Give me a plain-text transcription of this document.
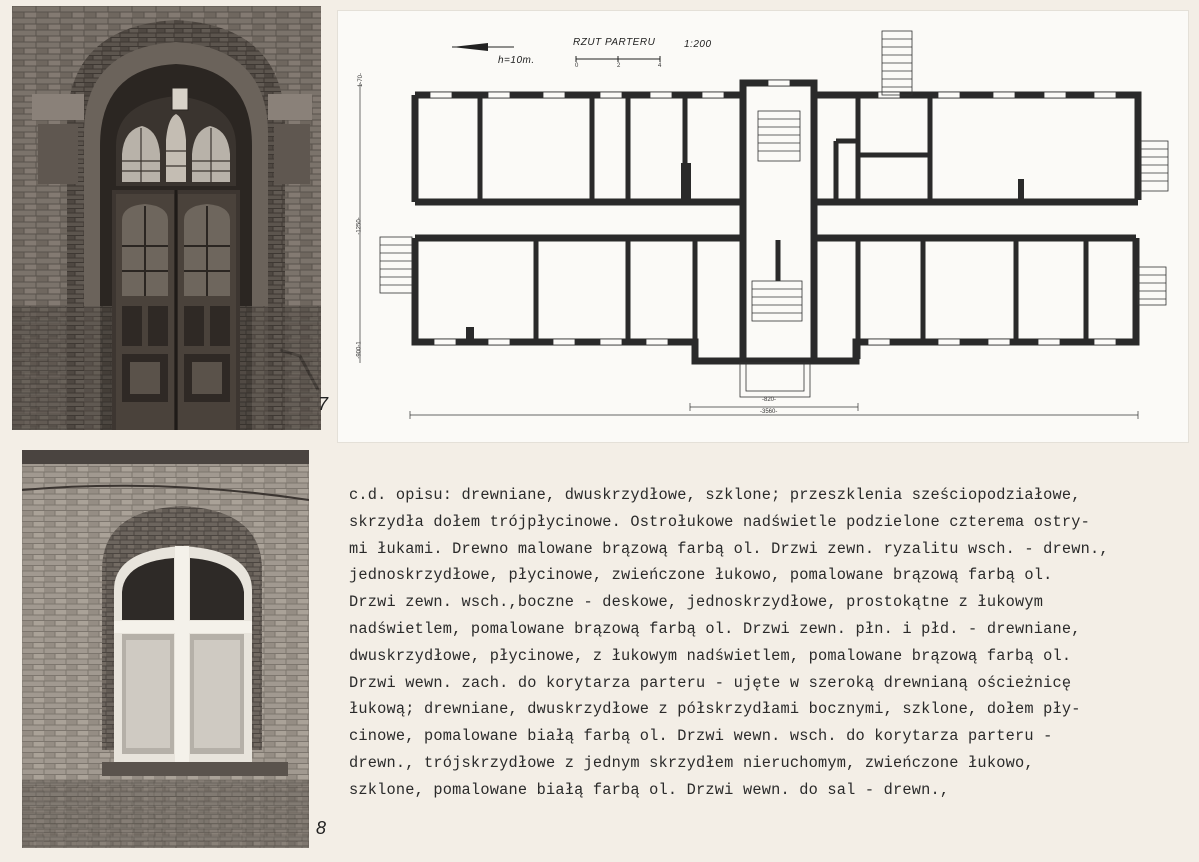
7
8
RZUT PARTERU	1:200
h=10m.	0	2	4
1-70-
-1250-
-900-1
-820-
-3560-
c.d. opisu: drewniane, dwuskrzydłowe, szklone; przeszklenia sześciopodziałowe,
skrzydła dołem trójpłycinowe. Ostrołukowe nadświetle podzielone czterema ostry-
mi łukami. Drewno malowane brązową farbą ol. Drzwi zewn. ryzalitu wsch. - drewn.,
jednoskrzydłowe, płycinowe, zwieńczone łukowo, pomalowane brązową farbą ol.
Drzwi zewn. wsch.,boczne - deskowe, jednoskrzydłowe, prostokątne z łukowym
nadświetlem, pomalowane brązową farbą ol. Drzwi zewn. płn. i płd. - drewniane,
dwuskrzydłowe, płycinowe, z łukowym nadświetlem, pomalowane brązową farbą ol.
Drzwi wewn. zach. do korytarza parteru - ujęte w szeroką drewnianą ościeżnicę
łukową; drewniane, dwuskrzydłowe z półskrzydłami bocznymi, szklone, dołem pły-
cinowe, pomalowane białą farbą ol. Drzwi wewn. wsch. do korytarza parteru -
drewn., trójskrzydłowe z jednym skrzydłem nieruchomym, zwieńczone łukowo,
szklone, pomalowane białą farbą ol. Drzwi wewn. do sal - drewn.,
